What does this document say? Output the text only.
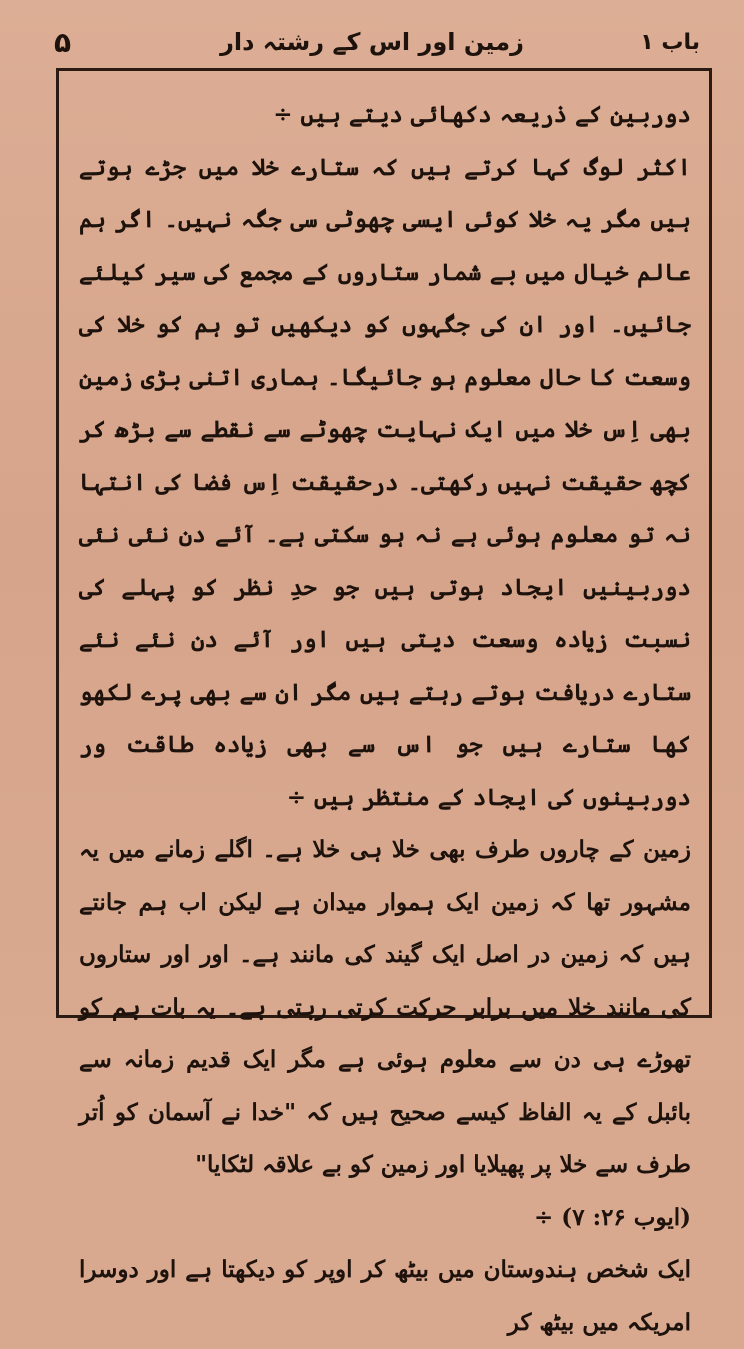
۵	زمین اور اس کے رشتہ دار	باب ۱

دوربین کے ذریعہ دکھائی دیتے ہیں ÷

اکثر لوگ کہا کرتے ہیں کہ ستارے خلا میں جڑے ہوتے ہیں مگر یہ خلا کوئی ایسی چھوٹی سی جگہ نہیں۔ اگر ہم عالم خیال میں بے شمار ستاروں کے مجمع کی سیر کیلئے جائیں۔ اور ان کی جگہوں کو دیکھیں تو ہم کو خلا کی وسعت کا حال معلوم ہو جائیگا۔ ہماری اتنی بڑی زمین بھی اِس خلا میں ایک نہایت چھوٹے سے نقطے سے بڑھ کر کچھ حقیقت نہیں رکھتی۔ درحقیقت اِس فضا کی انتہا نہ تو معلوم ہوئی ہے نہ ہو سکتی ہے۔ آئے دن نئی نئی دوربینیں ایجاد ہوتی ہیں جو حدِ نظر کو پہلے کی نسبت زیادہ وسعت دیتی ہیں اور آئے دن نئے نئے ستارے دریافت ہوتے رہتے ہیں مگر ان سے بھی پرے لکھو کھا ستارے ہیں جو اس سے بھی زیادہ طاقت ور دوربینوں کی ایجاد کے منتظر ہیں ÷

زمین کے چاروں طرف بھی خلا ہی خلا ہے۔ اگلے زمانے میں یہ مشہور تھا کہ زمین ایک ہموار میدان ہے لیکن اب ہم جانتے ہیں کہ زمین در اصل ایک گیند کی مانند ہے۔ اور اور ستاروں کی مانند خلا میں برابر حرکت کرتی رہتی ہے۔ یہ بات ہم کو تھوڑے ہی دن سے معلوم ہوئی ہے مگر ایک قدیم زمانہ سے بائبل کے یہ الفاظ کیسے صحیح ہیں کہ "خدا نے آسمان کو اُتر طرف سے خلا پر پھیلایا اور زمین کو بے علاقہ لٹکایا"

(ایوب ۲۶: ۷) ÷

ایک شخص ہندوستان میں بیٹھ کر اوپر کو دیکھتا ہے اور دوسرا امریکہ میں بیٹھ کر
